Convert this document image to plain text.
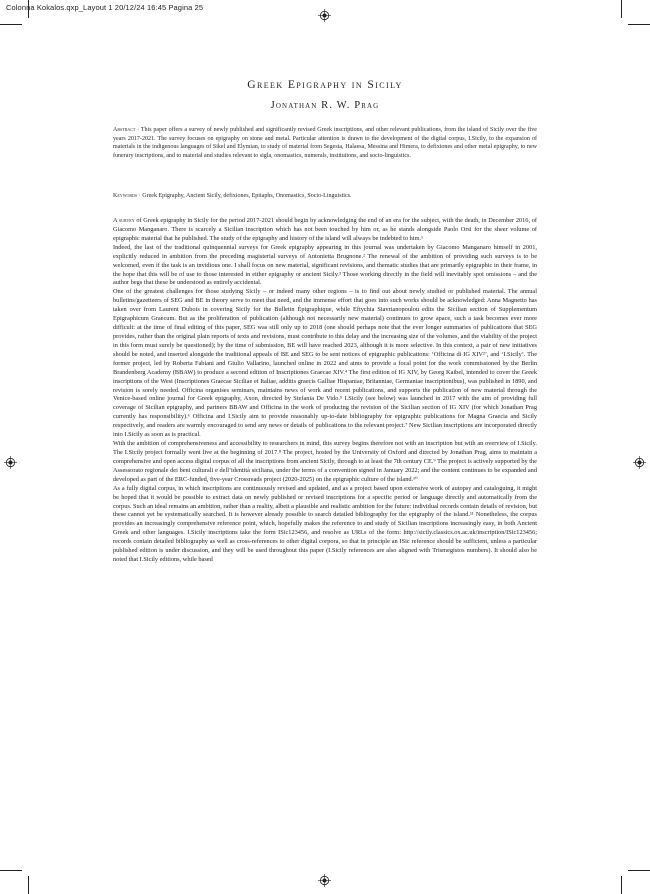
Colonna Kokalos.qxp_Layout 1 20/12/24 16:45 Pagina 25
Greek Epigraphy in Sicily
Jonathan R. W. Prag
Abstract · This paper offers a survey of newly published and significantly revised Greek inscriptions, and other relevant publications, from the island of Sicily over the five years 2017-2021. The survey focuses on epigraphy on stone and metal. Particular attention is drawn to the development of the digital corpus, I.Sicily, to the expansion of materials in the indigenous languages of Sikel and Elymian, to study of material from Segesta, Halaesa, Messina and Himera, to defixiones and other metal epigraphy, to new funerary inscriptions, and to material and studies relevant to sigla, onomastics, numerals, institutions, and socio-linguistics.
Keywords · Greek Epigraphy, Ancient Sicily, defixiones, Epitaphs, Onomastics, Socio-Linguistics.

A survey of Greek epigraphy in Sicily for the period 2017-2021 should begin by acknowledging the end of an era for the subject, with the death, in December 2016, of Giacomo Manganaro. There is scarcely a Sicilian inscription which has not been touched by him or, as he stands alongside Paolo Orsi for the sheer volume of epigraphic material that he published. The study of the epigraphy and history of the island will always be indebted to him.¹

Indeed, the last of the traditional quinquennial surveys for Greek epigraphy appearing in this journal was undertaken by Giacomo Manganaro himself in 2001, explicitly reduced in ambition from the preceding magisterial surveys of Antonietta Brugnone.² The renewal of the ambition of providing such surveys is to be welcomed, even if the task is an invidious one. I shall focus on new material, significant revisions, and thematic studies that are primarily epigraphic in their frame, in the hope that this will be of use to those interested in either epigraphy or ancient Sicily.³ Those working directly in the field will inevitably spot omissions – and the author begs that these be understood as entirely accidental.

One of the greatest challenges for those studying Sicily – or indeed many other regions – is to find out about newly studied or published material. The annual bulletins/gazetteers of SEG and BE in theory serve to meet that need, and the immense effort that goes into such works should be acknowledged: Anna Magnetto has taken over from Laurent Dubois in covering Sicily for the Bulletin Épigraphique, while Eftychia Stavrianopoulou edits the Sicilian section of Supplementum Epigraphicum Graecum. But as the proliferation of publication (although not necessarily new material) continues to grow apace, such a task becomes ever more difficult: at the time of final editing of this paper, SEG was still only up to 2018 (one should perhaps note that the ever longer summaries of publications that SEG provides, rather than the original plain reports of texts and revisions, must contribute to this delay and the increasing size of the volumes, and the viability of the project in this form must surely be questioned); by the time of submission, BE will have reached 2023, although it is more selective. In this context, a pair of new initiatives should be noted, and inserted alongside the traditional appeals of BE and SEG to be sent notices of epigraphic publications: ‘Officina di IG XIV²’, and ‘I.Sicily’. The former project, led by Roberta Fabiani and Giulio Vallarino, launched online in 2022 and aims to provide a focal point for the work commissioned by the Berlin Brandenberg Academy (BBAW) to produce a second edition of Inscriptiones Graecae XIV.⁴ The first edition of IG XIV, by Georg Kaibel, intended to cover the Greek inscriptions of the West (Inscriptiones Graecae Siciliae et Italiae, additis graecis Galliae Hispaniae, Britanniae, Germaniae inscriptionibus), was published in 1890, and revision is sorely needed. Officina organises seminars, maintains news of work and recent publications, and supports the publication of new material through the Venice-based online journal for Greek epigraphy, Axon, directed by Stefania De Vido.⁵ I.Sicily (see below) was launched in 2017 with the aim of providing full coverage of Sicilian epigraphy, and partners BBAW and Officina in the work of producing the revision of the Sicilian section of IG XIV (for which Jonathan Prag currently has responsibility).⁶ Officina and I.Sicily aim to provide reasonably up-to-date bibliography for epigraphic publications for Magna Graecia and Sicily respectively, and readers are warmly encouraged to send any news or details of publications to the relevant project.⁷ New Sicilian inscriptions are incorporated directly into I.Sicily as soon as is practical.

With the ambition of comprehensiveness and accessibility to researchers in mind, this survey begins therefore not with an inscription but with an overview of I.Sicily. The I.Sicily project formally went live at the beginning of 2017.⁸ The project, hosted by the University of Oxford and directed by Jonathan Prag, aims to maintain a comprehensive and open access digital corpus of all the inscriptions from ancient Sicily, through to at least the 7th century CE.⁹ The project is actively supported by the Assessorato regionale dei beni culturali e dell’identità siciliana, under the terms of a convention signed in January 2022; and the content continues to be expanded and developed as part of the ERC-funded, five-year Crossreads project (2020-2025) on the epigraphic culture of the island.¹⁰

As a fully digital corpus, in which inscriptions are continuously revised and updated, and as a project based upon extensive work of autopsy and cataloguing, it might be hoped that it would be possible to extract data on newly published or revised inscriptions for a specific period or language directly and automatically from the corpus. Such an ideal remains an ambition, rather than a reality, albeit a plausible and realistic ambition for the future: individual records contain details of revision, but these cannot yet be systematically searched. It is however already possible to search detailed bibliography for the epigraphy of the island.¹¹ Nonetheless, the corpus provides an increasingly comprehensive reference point, which, hopefully makes the reference to and study of Sicilian inscriptions increasingly easy, in both Ancient Greek and other languages. I.Sicily inscriptions take the form ISic123456, and resolve as URLs of the form: http://sicily.classics.ox.ac.uk/inscription/ISic123456; records contain detailed bibliography as well as cross-references to other digital corpora, so that in principle an ISic reference should be sufficient, unless a particular published edition is under discussion, and they will be used throughout this paper (I.Sicily references are also aligned with Trismegistos numbers). It should also be noted that I.Sicily editions, while based
